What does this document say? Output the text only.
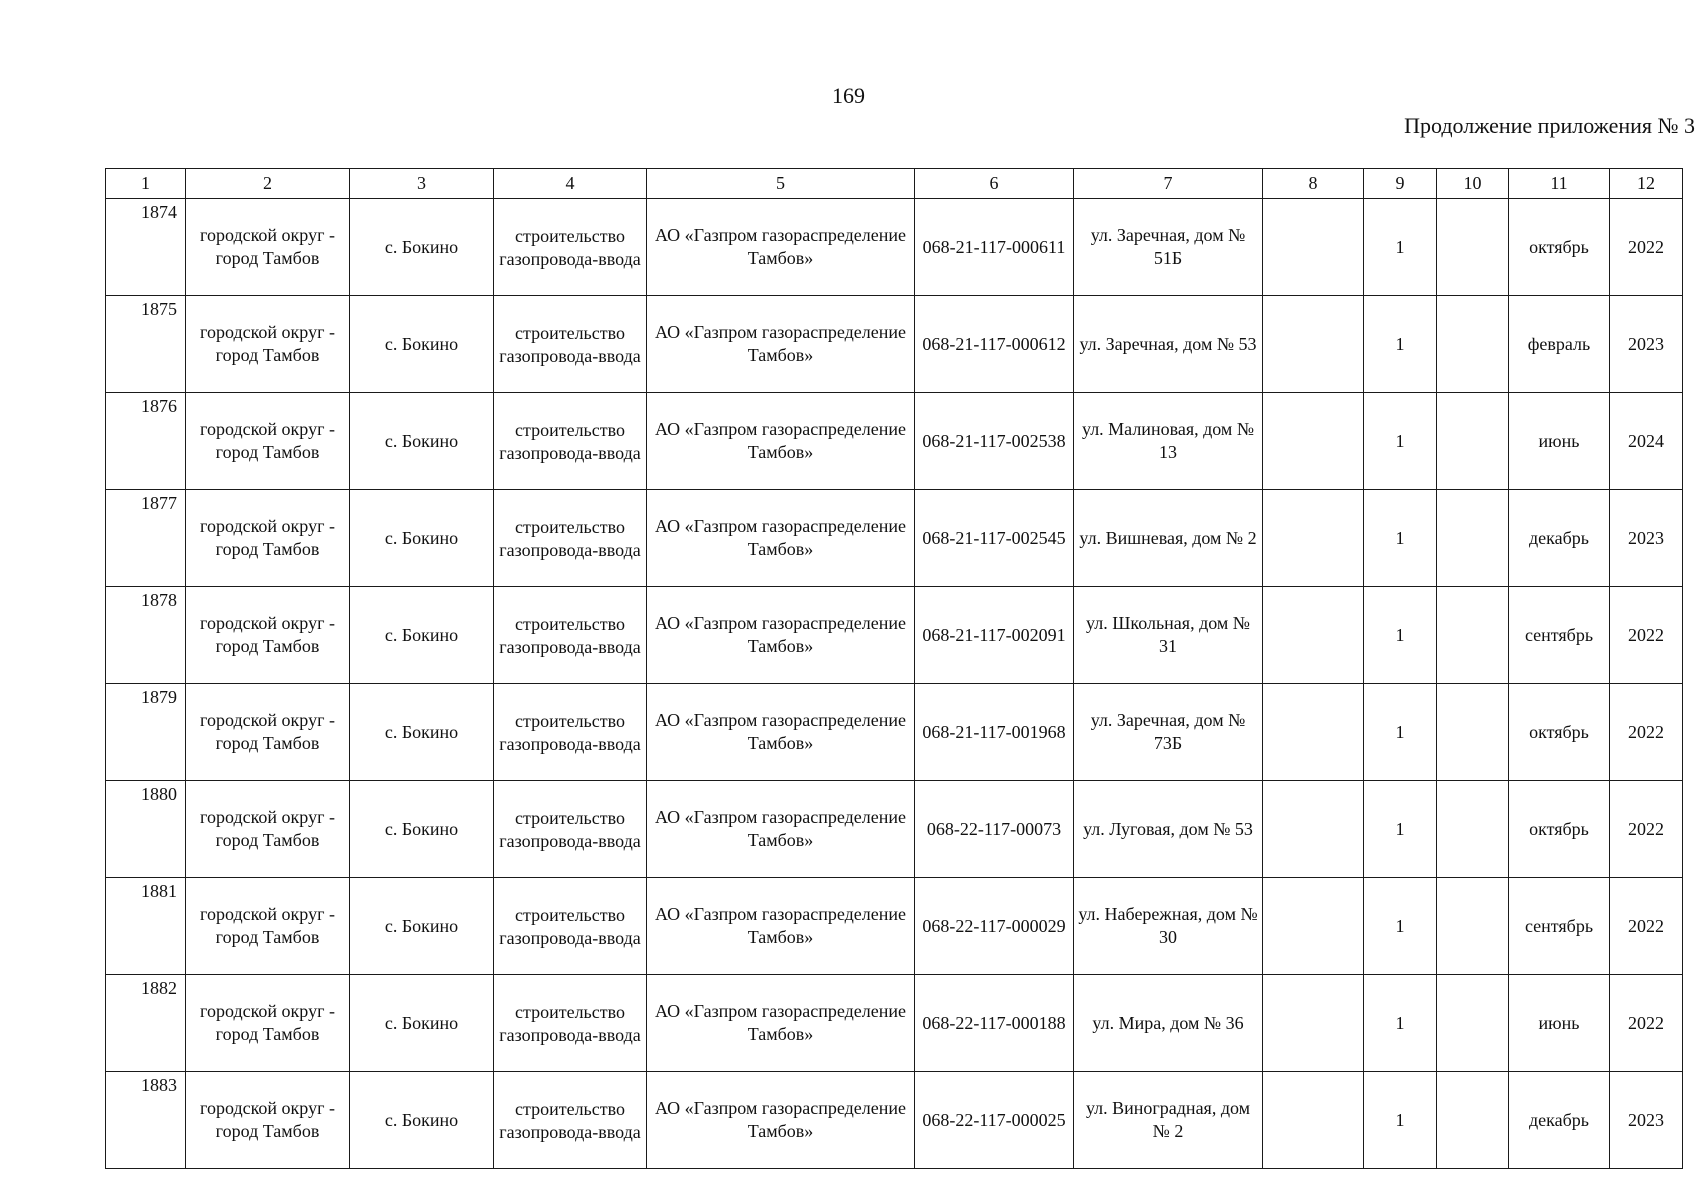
169
Продолжение приложения № 3
1	2	3	4	5	6	7	8	9	10	11	12
1874	городской округ - город Тамбов	с. Бокино	строительство газопровода-ввода	АО «Газпром газораспределение Тамбов»	068-21-117-000611	ул. Заречная, дом № 51Б		1		октябрь	2022
1875	городской округ - город Тамбов	с. Бокино	строительство газопровода-ввода	АО «Газпром газораспределение Тамбов»	068-21-117-000612	ул. Заречная, дом № 53		1		февраль	2023
1876	городской округ - город Тамбов	с. Бокино	строительство газопровода-ввода	АО «Газпром газораспределение Тамбов»	068-21-117-002538	ул. Малиновая, дом № 13		1		июнь	2024
1877	городской округ - город Тамбов	с. Бокино	строительство газопровода-ввода	АО «Газпром газораспределение Тамбов»	068-21-117-002545	ул. Вишневая, дом № 2		1		декабрь	2023
1878	городской округ - город Тамбов	с. Бокино	строительство газопровода-ввода	АО «Газпром газораспределение Тамбов»	068-21-117-002091	ул. Школьная, дом № 31		1		сентябрь	2022
1879	городской округ - город Тамбов	с. Бокино	строительство газопровода-ввода	АО «Газпром газораспределение Тамбов»	068-21-117-001968	ул. Заречная, дом № 73Б		1		октябрь	2022
1880	городской округ - город Тамбов	с. Бокино	строительство газопровода-ввода	АО «Газпром газораспределение Тамбов»	068-22-117-00073	ул. Луговая, дом № 53		1		октябрь	2022
1881	городской округ - город Тамбов	с. Бокино	строительство газопровода-ввода	АО «Газпром газораспределение Тамбов»	068-22-117-000029	ул. Набережная, дом № 30		1		сентябрь	2022
1882	городской округ - город Тамбов	с. Бокино	строительство газопровода-ввода	АО «Газпром газораспределение Тамбов»	068-22-117-000188	ул. Мира, дом № 36		1		июнь	2022
1883	городской округ - город Тамбов	с. Бокино	строительство газопровода-ввода	АО «Газпром газораспределение Тамбов»	068-22-117-000025	ул. Виноградная, дом № 2		1		декабрь	2023
